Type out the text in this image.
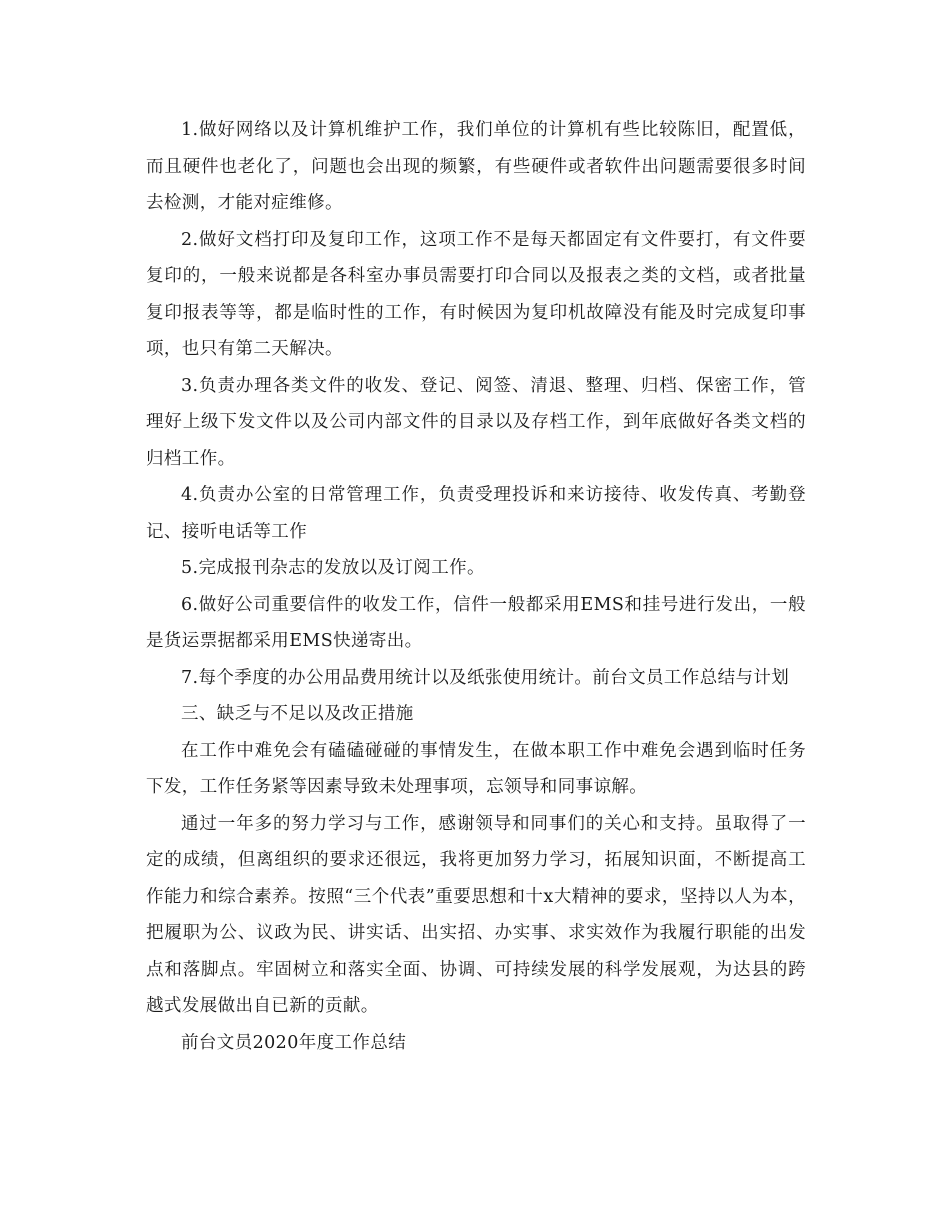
1.做好网络以及计算机维护工作，我们单位的计算机有些比较陈旧，配置低，而且硬件也老化了，问题也会出现的频繁，有些硬件或者软件出问题需要很多时间去检测，才能对症维修。

2.做好文档打印及复印工作，这项工作不是每天都固定有文件要打，有文件要复印的，一般来说都是各科室办事员需要打印合同以及报表之类的文档，或者批量复印报表等等，都是临时性的工作，有时候因为复印机故障没有能及时完成复印事项，也只有第二天解决。

3.负责办理各类文件的收发、登记、阅签、清退、整理、归档、保密工作，管理好上级下发文件以及公司内部文件的目录以及存档工作，到年底做好各类文档的归档工作。

4.负责办公室的日常管理工作，负责受理投诉和来访接待、收发传真、考勤登记、接听电话等工作

5.完成报刊杂志的发放以及订阅工作。

6.做好公司重要信件的收发工作，信件一般都采用EMS和挂号进行发出，一般是货运票据都采用EMS快递寄出。

7.每个季度的办公用品费用统计以及纸张使用统计。前台文员工作总结与计划

三、缺乏与不足以及改正措施

在工作中难免会有磕磕碰碰的事情发生，在做本职工作中难免会遇到临时任务下发，工作任务紧等因素导致未处理事项，忘领导和同事谅解。

通过一年多的努力学习与工作，感谢领导和同事们的关心和支持。虽取得了一定的成绩，但离组织的要求还很远，我将更加努力学习，拓展知识面，不断提高工作能力和综合素养。按照“三个代表”重要思想和十x大精神的要求，坚持以人为本，把履职为公、议政为民、讲实话、出实招、办实事、求实效作为我履行职能的出发点和落脚点。牢固树立和落实全面、协调、可持续发展的科学发展观，为达县的跨越式发展做出自已新的贡献。

前台文员2020年度工作总结
